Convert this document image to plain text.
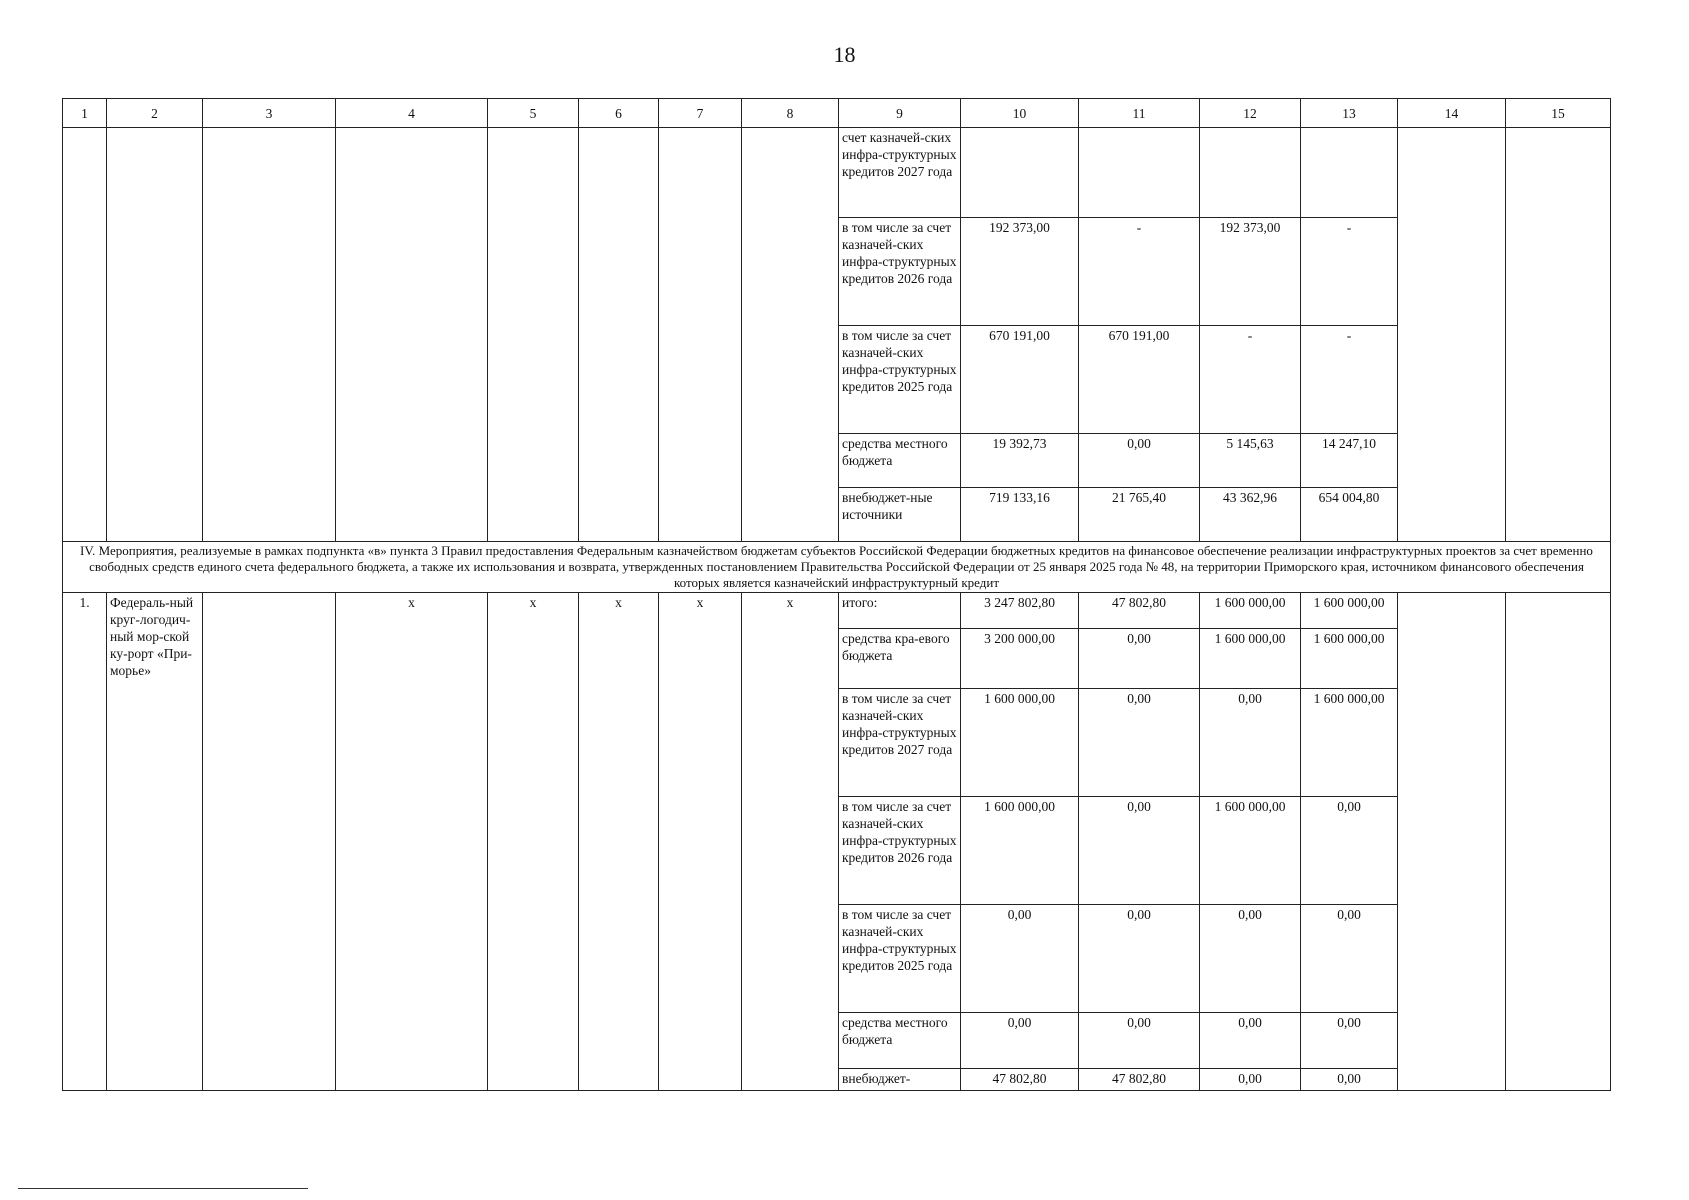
18
1	2	3	4	5	6	7	8	9	10	11	12	13	14	15
								счет казначей-ских инфра-структурных кредитов 2027 года						
								в том числе за счет казначей-ских инфра-структурных кредитов 2026 года	192 373,00	-	192 373,00	-		
								в том числе за счет казначей-ских инфра-структурных кредитов 2025 года	670 191,00	670 191,00	-	-		
								средства местного бюджета	19 392,73	0,00	5 145,63	14 247,10		
								внебюджет-ные источники	719 133,16	21 765,40	43 362,96	654 004,80		
IV. Мероприятия, реализуемые в рамках подпункта «в» пункта 3 Правил предоставления Федеральным казначейством бюджетам субъектов Российской Федерации бюджетных кредитов на финансовое обеспечение реализации инфраструктурных проектов за счет временно свободных средств единого счета федерального бюджета, а также их использования и возврата, утвержденных постановлением Правительства Российской Федерации от 25 января 2025 года № 48, на территории Приморского края, источником финансового обеспечения которых является казначейский инфраструктурный кредит														
1.	Федераль-ный круг-логодич-ный мор-ской ку-рорт «При-морье»		x	x	x	x	x	итого:	3 247 802,80	47 802,80	1 600 000,00	1 600 000,00		
								средства кра-евого бюджета	3 200 000,00	0,00	1 600 000,00	1 600 000,00		
								в том числе за счет казначей-ских инфра-структурных кредитов 2027 года	1 600 000,00	0,00	0,00	1 600 000,00		
								в том числе за счет казначей-ских инфра-структурных кредитов 2026 года	1 600 000,00	0,00	1 600 000,00	0,00		
								в том числе за счет казначей-ских инфра-структурных кредитов 2025 года	0,00	0,00	0,00	0,00		
								средства местного бюджета	0,00	0,00	0,00	0,00		
								внебюджет-	47 802,80	47 802,80	0,00	0,00		
